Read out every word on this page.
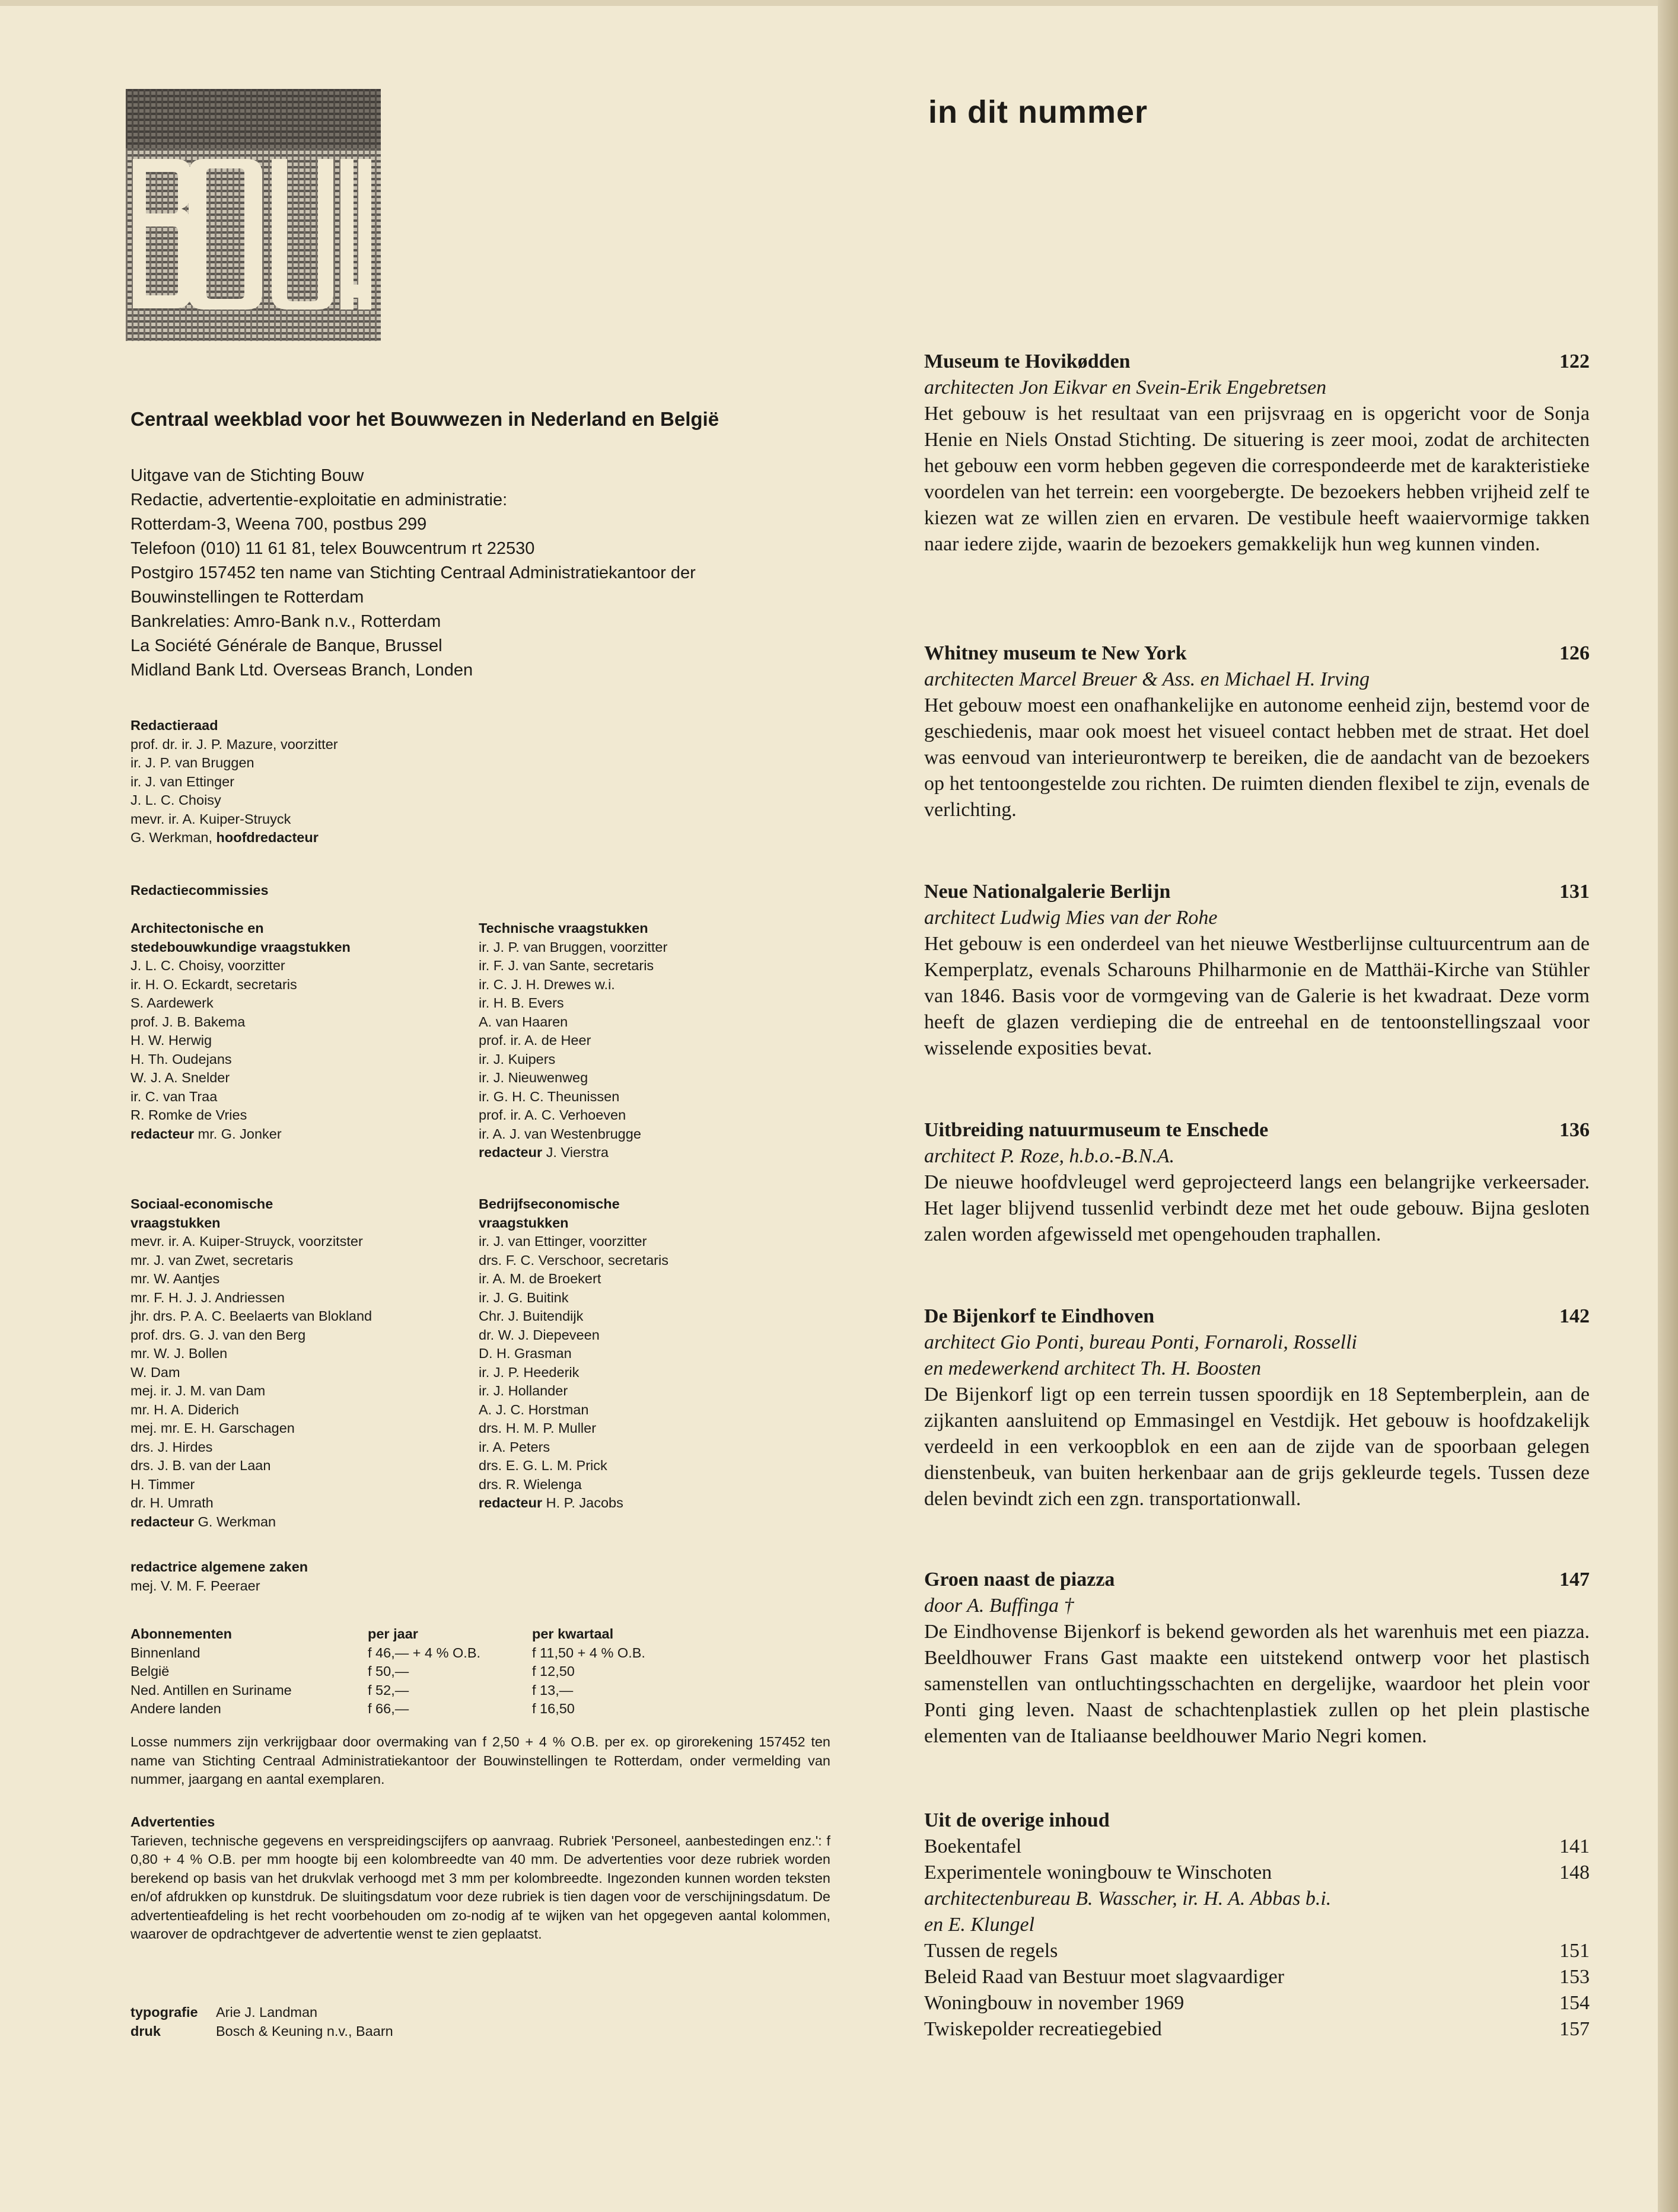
in dit nummer

Centraal weekblad voor het Bouwwezen in Nederland en België

Uitgave van de Stichting Bouw

Redactie, advertentie-exploitatie en administratie:

Rotterdam-3, Weena 700, postbus 299

Telefoon (010) 11 61 81, telex Bouwcentrum rt 22530

Postgiro 157452 ten name van Stichting Centraal Administratiekantoor der

Bouwinstellingen te Rotterdam

Bankrelaties: Amro-Bank n.v., Rotterdam

La Société Générale de Banque, Brussel

Midland Bank Ltd. Overseas Branch, Londen

Redactieraad

prof. dr. ir. J. P. Mazure, voorzitter

ir. J. P. van Bruggen

ir. J. van Ettinger

J. L. C. Choisy

mevr. ir. A. Kuiper-Struyck

G. Werkman, hoofdredacteur

Redactiecommissies

Architectonische en

stedebouwkundige vraagstukken

J. L. C. Choisy, voorzitter

ir. H. O. Eckardt, secretaris

S. Aardewerk

prof. J. B. Bakema

H. W. Herwig

H. Th. Oudejans

W. J. A. Snelder

ir. C. van Traa

R. Romke de Vries

redacteur mr. G. Jonker

Technische vraagstukken

ir. J. P. van Bruggen, voorzitter

ir. F. J. van Sante, secretaris

ir. C. J. H. Drewes w.i.

ir. H. B. Evers

A. van Haaren

prof. ir. A. de Heer

ir. J. Kuipers

ir. J. Nieuwenweg

ir. G. H. C. Theunissen

prof. ir. A. C. Verhoeven

ir. A. J. van Westenbrugge

redacteur J. Vierstra

Sociaal-economische

vraagstukken

mevr. ir. A. Kuiper-Struyck, voorzitster

mr. J. van Zwet, secretaris

mr. W. Aantjes

mr. F. H. J. J. Andriessen

jhr. drs. P. A. C. Beelaerts van Blokland

prof. drs. G. J. van den Berg

mr. W. J. Bollen

W. Dam

mej. ir. J. M. van Dam

mr. H. A. Diderich

mej. mr. E. H. Garschagen

drs. J. Hirdes

drs. J. B. van der Laan

H. Timmer

dr. H. Umrath

redacteur G. Werkman

Bedrijfseconomische

vraagstukken

ir. J. van Ettinger, voorzitter

drs. F. C. Verschoor, secretaris

ir. A. M. de Broekert

ir. J. G. Buitink

Chr. J. Buitendijk

dr. W. J. Diepeveen

D. H. Grasman

ir. J. P. Heederik

ir. J. Hollander

A. J. C. Horstman

drs. H. M. P. Muller

ir. A. Peters

drs. E. G. L. M. Prick

drs. R. Wielenga

redacteur H. P. Jacobs

redactrice algemene zaken

mej. V. M. F. Peeraer

Abonnementen	per jaar	per kwartaal
Binnenland	f 46,— + 4 % O.B.	f 11,50 + 4 % O.B.
België	f 50,—	f 12,50
Ned. Antillen en Suriname	f 52,—	f 13,—
Andere landen	f 66,—	f 16,50

Losse nummers zijn verkrijgbaar door overmaking van f 2,50 + 4 % O.B. per ex. op girorekening 157452 ten name van Stichting Centraal Administratiekantoor der Bouwinstellingen te Rotterdam, onder vermelding van nummer, jaargang en aantal exemplaren.

Advertenties

Tarieven, technische gegevens en verspreidingscijfers op aanvraag. Rubriek 'Personeel, aanbestedingen enz.': f 0,80 + 4 % O.B. per mm hoogte bij een kolombreedte van 40 mm. De advertenties voor deze rubriek worden berekend op basis van het drukvlak verhoogd met 3 mm per kolombreedte. Ingezonden kunnen worden teksten en/of afdrukken op kunstdruk. De sluitingsdatum voor deze rubriek is tien dagen voor de verschijningsdatum. De advertentieafdeling is het recht voorbehouden om zo-nodig af te wijken van het opgegeven aantal kolommen, waarover de opdrachtgever de advertentie wenst te zien geplaatst.

typografie Arie J. Landman

druk	Bosch & Keuning n.v., Baarn

Museum te Hovikødden	122
architecten Jon Eikvar en Svein-Erik Engebretsen

Het gebouw is het resultaat van een prijsvraag en is opgericht voor de Sonja Henie en Niels Onstad Stichting. De situering is zeer mooi, zodat de architecten het gebouw een vorm hebben gegeven die correspondeerde met de karakteristieke voordelen van het terrein: een voorgebergte. De bezoekers hebben vrijheid zelf te kiezen wat ze willen zien en ervaren. De vestibule heeft waaiervormige takken naar iedere zijde, waarin de bezoekers gemakkelijk hun weg kunnen vinden.

Whitney museum te New York	126
architecten Marcel Breuer & Ass. en Michael H. Irving

Het gebouw moest een onafhankelijke en autonome eenheid zijn, bestemd voor de geschiedenis, maar ook moest het visueel contact hebben met de straat. Het doel was eenvoud van interieurontwerp te bereiken, die de aandacht van de bezoekers op het tentoongestelde zou richten. De ruimten dienden flexibel te zijn, evenals de verlichting.

Neue Nationalgalerie Berlijn	131
architect Ludwig Mies van der Rohe

Het gebouw is een onderdeel van het nieuwe Westberlijnse cultuurcentrum aan de Kemperplatz, evenals Scharouns Philharmonie en de Matthäi-Kirche van Stühler van 1846. Basis voor de vormgeving van de Galerie is het kwadraat. Deze vorm heeft de glazen verdieping die de entreehal en de tentoonstellingszaal voor wisselende exposities bevat.

Uitbreiding natuurmuseum te Enschede	136
architect P. Roze, h.b.o.-B.N.A.

De nieuwe hoofdvleugel werd geprojecteerd langs een belangrijke verkeersader. Het lager blijvend tussenlid verbindt deze met het oude gebouw. Bijna gesloten zalen worden afgewisseld met opengehouden traphallen.

De Bijenkorf te Eindhoven	142
architect Gio Ponti, bureau Ponti, Fornaroli, Rosselli
en medewerkend architect Th. H. Boosten

De Bijenkorf ligt op een terrein tussen spoordijk en 18 Septemberplein, aan de zijkanten aansluitend op Emmasingel en Vestdijk. Het gebouw is hoofdzakelijk verdeeld in een verkoopblok en een aan de zijde van de spoorbaan gelegen dienstenbeuk, van buiten herkenbaar aan de grijs gekleurde tegels. Tussen deze delen bevindt zich een zgn. transportationwall.

Groen naast de piazza	147
door A. Buffinga †

De Eindhovense Bijenkorf is bekend geworden als het warenhuis met een piazza. Beeldhouwer Frans Gast maakte een uitstekend ontwerp voor het plastisch samenstellen van ontluchtingsschachten en dergelijke, waardoor het plein voor Ponti ging leven. Naast de schachtenplastiek zullen op het plein plastische elementen van de Italiaanse beeldhouwer Mario Negri komen.

Uit de overige inhoud
Boekentafel	141
Experimentele woningbouw te Winschoten	148
architectenbureau B. Wasscher, ir. H. A. Abbas b.i.
en E. Klungel
Tussen de regels	151
Beleid Raad van Bestuur moet slagvaardiger	153
Woningbouw in november 1969	154
Twiskepolder recreatiegebied	157
